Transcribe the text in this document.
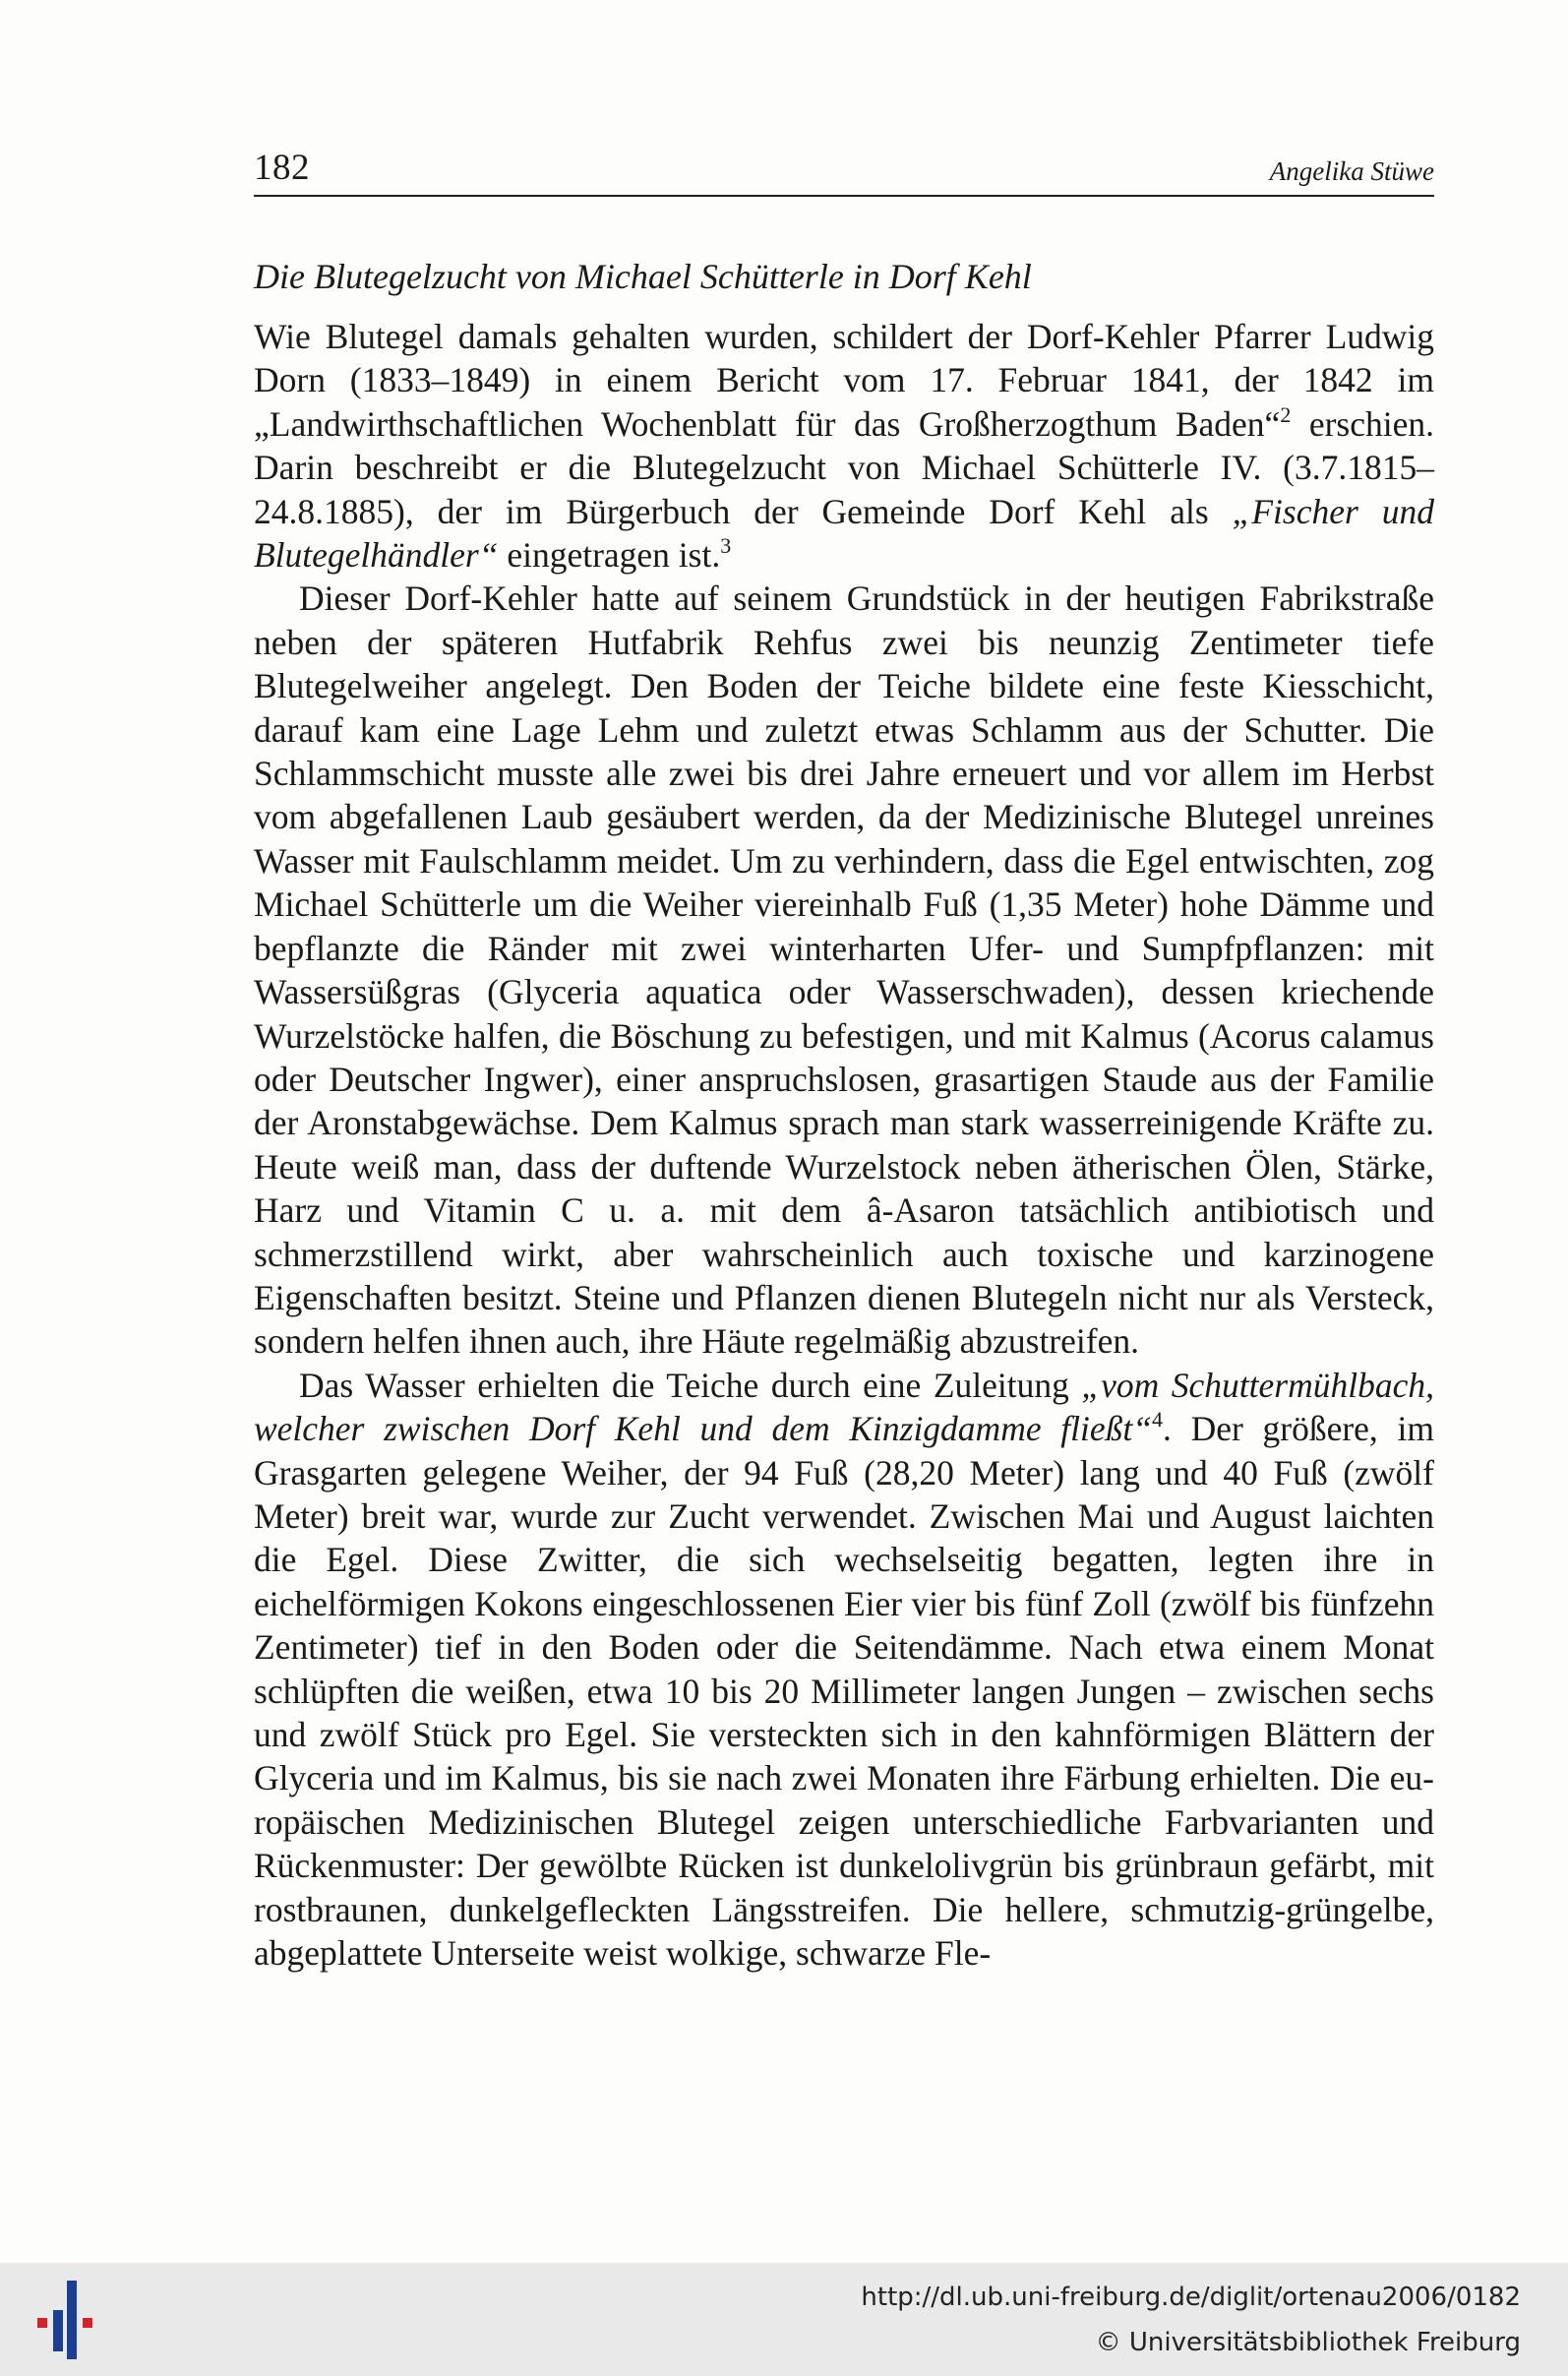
182	Angelika Stüwe
Die Blutegelzucht von Michael Schütterle in Dorf Kehl

Wie Blutegel damals gehalten wurden, schildert der Dorf-Kehler Pfarrer Ludwig Dorn (1833–1849) in einem Bericht vom 17. Februar 1841, der 1842 im „Landwirthschaftlichen Wochenblatt für das Großherzogthum Baden“$^2$ erschien. Darin beschreibt er die Blutegelzucht von Michael Schütterle IV. (3.7.1815–24.8.1885), der im Bürgerbuch der Gemeinde Dorf Kehl als „Fischer und Blutegelhändler“ eingetragen ist.$^3$

Dieser Dorf-Kehler hatte auf seinem Grundstück in der heutigen Fabrikstraße neben der späteren Hutfabrik Rehfus zwei bis neunzig Zentimeter tiefe Blutegelweiher angelegt. Den Boden der Teiche bildete eine feste Kiesschicht, darauf kam eine Lage Lehm und zuletzt etwas Schlamm aus der Schutter. Die Schlammschicht musste alle zwei bis drei Jahre erneuert und vor allem im Herbst vom abgefallenen Laub gesäubert werden, da der Medizinische Blutegel unreines Wasser mit Faulschlamm meidet. Um zu verhindern, dass die Egel entwischten, zog Michael Schütterle um die Weiher viereinhalb Fuß (1,35 Meter) hohe Dämme und bepflanzte die Ränder mit zwei winterharten Ufer- und Sumpfpflanzen: mit Wassersüßgras (Glyceria aquatica oder Wasserschwaden), dessen kriechende Wurzelstöcke halfen, die Böschung zu befestigen, und mit Kalmus (Acorus calamus oder Deutscher Ingwer), einer anspruchslosen, grasartigen Staude aus der Familie der Aronstabgewächse. Dem Kalmus sprach man stark wasserreinigende Kräfte zu. Heute weiß man, dass der duftende Wurzelstock neben ätherischen Ölen, Stärke, Harz und Vitamin C u. a. mit dem â-Asaron tatsächlich antibiotisch und schmerzstillend wirkt, aber wahrscheinlich auch toxische und karzinogene Eigenschaften besitzt. Steine und Pflanzen dienen Blutegeln nicht nur als Versteck, sondern helfen ihnen auch, ihre Häute regelmäßig abzustreifen.

Das Wasser erhielten die Teiche durch eine Zuleitung „vom Schuttermühlbach, welcher zwischen Dorf Kehl und dem Kinzigdamme fließt“$^4$. Der größere, im Grasgarten gelegene Weiher, der 94 Fuß (28,20 Meter) lang und 40 Fuß (zwölf Meter) breit war, wurde zur Zucht verwendet. Zwischen Mai und August laichten die Egel. Diese Zwitter, die sich wechselseitig begatten, legten ihre in eichelförmigen Kokons eingeschlossenen Eier vier bis fünf Zoll (zwölf bis fünfzehn Zentimeter) tief in den Boden oder die Seitendämme. Nach etwa einem Monat schlüpften die weißen, etwa 10 bis 20 Millimeter langen Jungen – zwischen sechs und zwölf Stück pro Egel. Sie versteckten sich in den kahnförmigen Blättern der Glyceria und im Kalmus, bis sie nach zwei Monaten ihre Färbung erhielten. Die europäischen Medizinischen Blutegel zeigen unterschiedliche Farbvarianten und Rückenmuster: Der gewölbte Rücken ist dunkelolivgrün bis grünbraun gefärbt, mit rostbraunen, dunkelgefleckten Längsstreifen. Die hellere, schmutzig-grüngelbe, abgeplattete Unterseite weist wolkige, schwarze Fle-

http://dl.ub.uni-freiburg.de/diglit/ortenau2006/0182
© Universitätsbibliothek Freiburg
